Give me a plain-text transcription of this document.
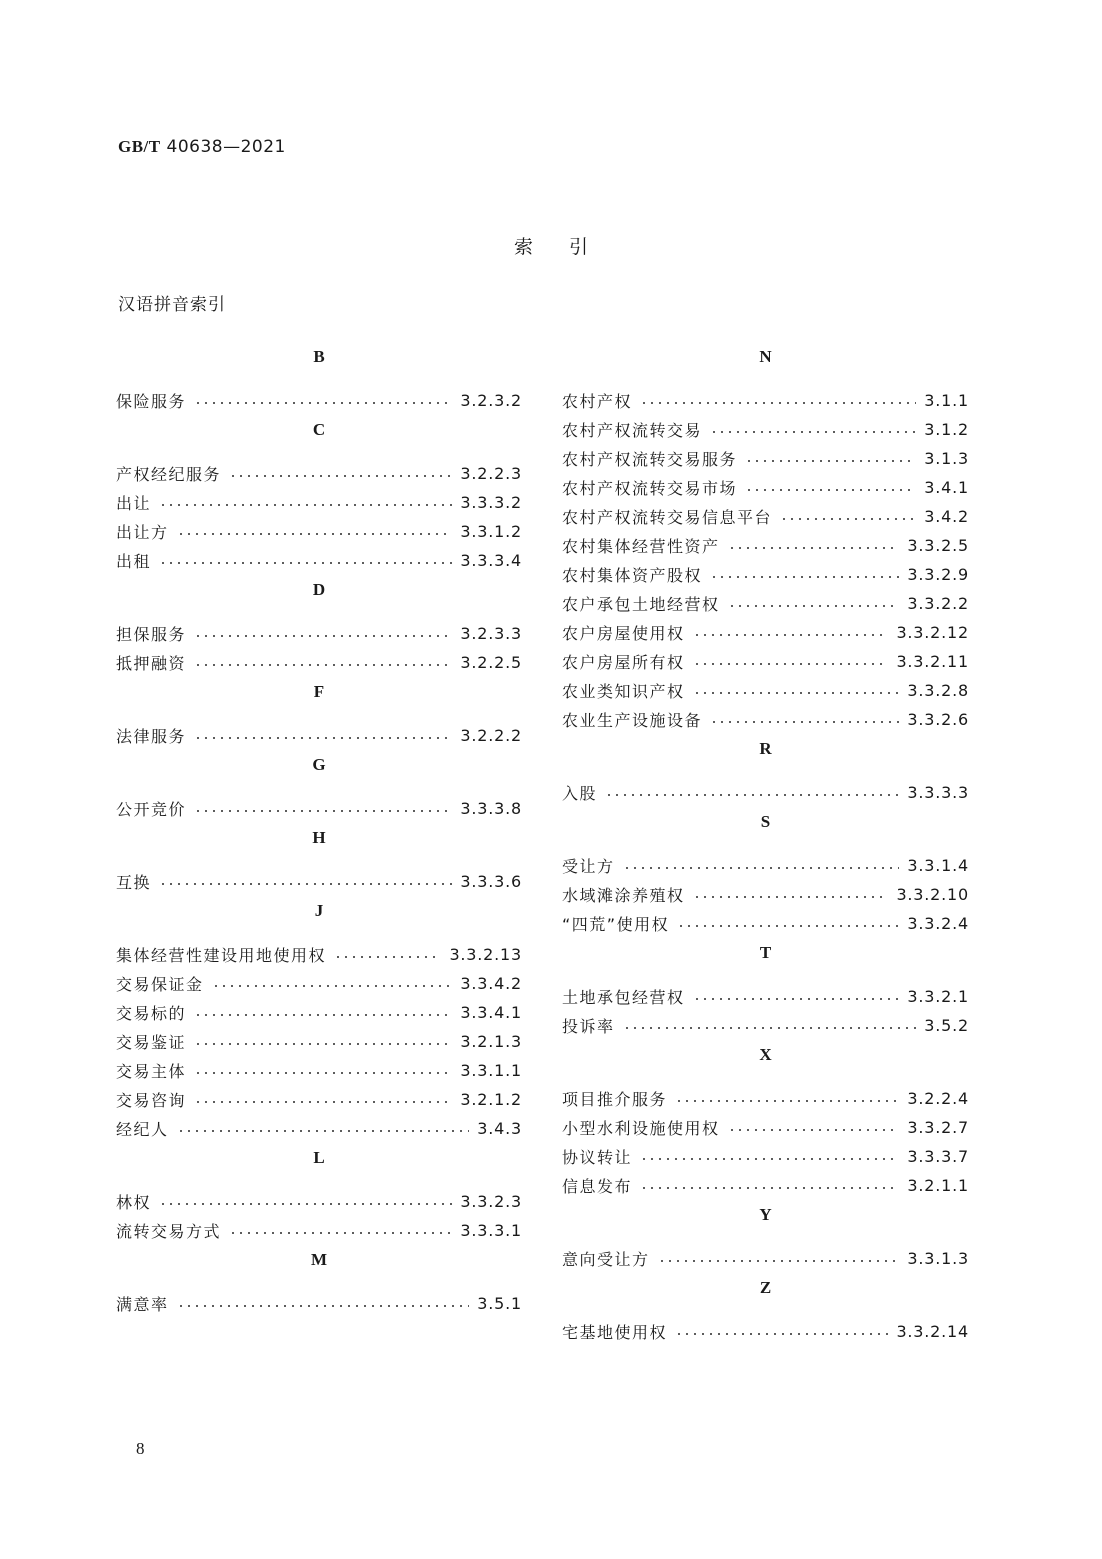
GB/T 40638—2021
索 引
汉语拼音索引
B
保险服务	3.2.3.2
C
产权经纪服务	3.2.2.3
出让	3.3.3.2
出让方	3.3.1.2
出租	3.3.3.4
D
担保服务	3.2.3.3
抵押融资	3.2.2.5
F
法律服务	3.2.2.2
G
公开竞价	3.3.3.8
H
互换	3.3.3.6
J
集体经营性建设用地使用权	3.3.2.13
交易保证金	3.3.4.2
交易标的	3.3.4.1
交易鉴证	3.2.1.3
交易主体	3.3.1.1
交易咨询	3.2.1.2
经纪人	3.4.3
L
林权	3.3.2.3
流转交易方式	3.3.3.1
M
满意率	3.5.1
N
农村产权	3.1.1
农村产权流转交易	3.1.2
农村产权流转交易服务	3.1.3
农村产权流转交易市场	3.4.1
农村产权流转交易信息平台	3.4.2
农村集体经营性资产	3.3.2.5
农村集体资产股权	3.3.2.9
农户承包土地经营权	3.3.2.2
农户房屋使用权	3.3.2.12
农户房屋所有权	3.3.2.11
农业类知识产权	3.3.2.8
农业生产设施设备	3.3.2.6
R
入股	3.3.3.3
S
受让方	3.3.1.4
水域滩涂养殖权	3.3.2.10
“四荒”使用权	3.3.2.4
T
土地承包经营权	3.3.2.1
投诉率	3.5.2
X
项目推介服务	3.2.2.4
小型水利设施使用权	3.3.2.7
协议转让	3.3.3.7
信息发布	3.2.1.1
Y
意向受让方	3.3.1.3
Z
宅基地使用权	3.3.2.14
8
